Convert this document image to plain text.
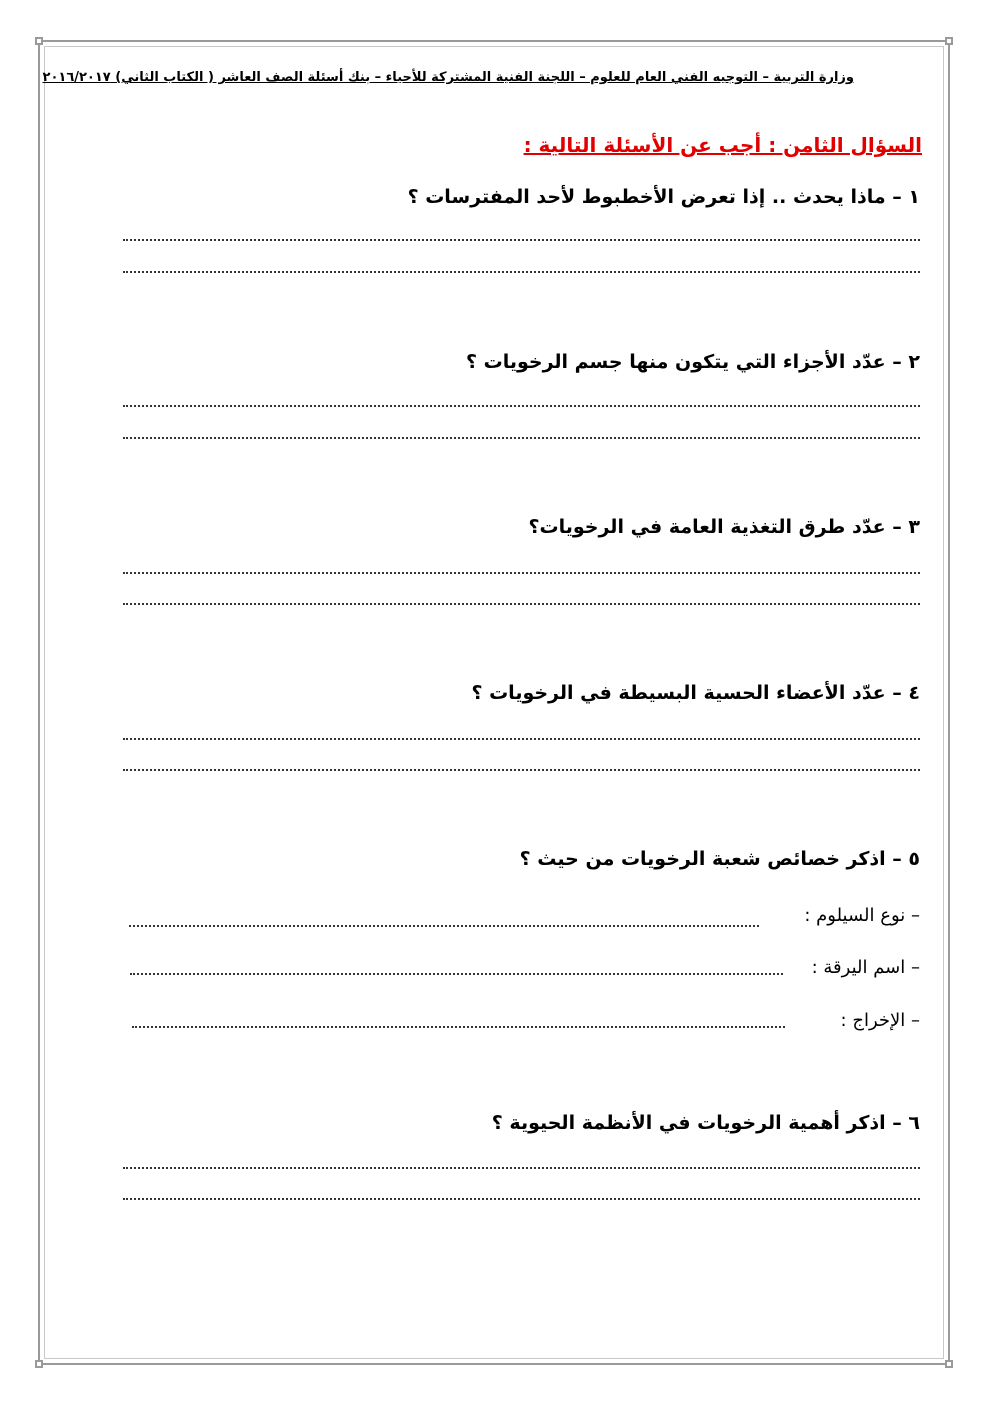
وزارة التربية – التوجيه الفني العام للعلوم – اللجنة الفنية المشتركة للأحياء – بنك أسئلة الصف العاشر ( الكتاب الثاني) ٢٠١٦/٢٠١٧
السؤال الثامن : أجب عن الأسئلة التالية :
١ – ماذا يحدث .. إذا تعرض الأخطبوط لأحد المفترسات ؟
٢ – عدّد الأجزاء التي يتكون منها جسم الرخويات ؟
٣ – عدّد طرق التغذية العامة في الرخويات؟
٤ – عدّد الأعضاء الحسية البسيطة في الرخويات ؟
٥ – اذكر خصائص شعبة الرخويات من حيث ؟
– نوع السيلوم :
– اسم اليرقة :
– الإخراج :
٦ – اذكر أهمية الرخويات في الأنظمة الحيوية ؟
